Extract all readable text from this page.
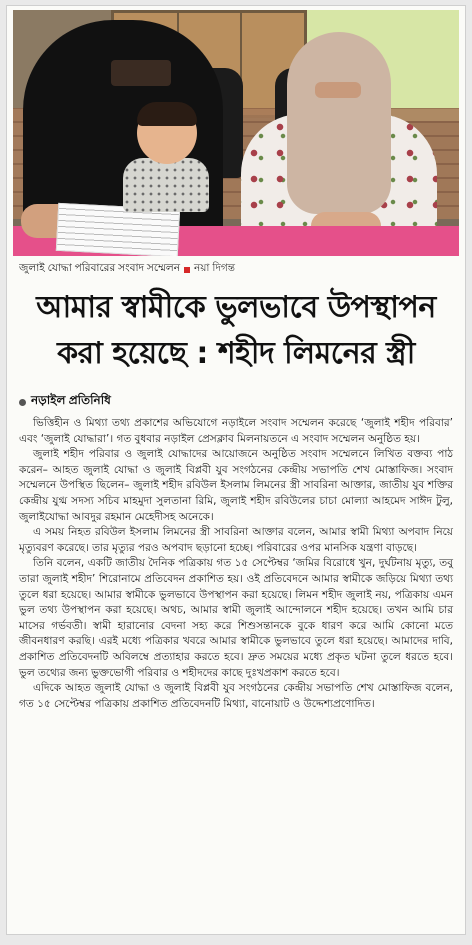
জুলাই যোদ্ধা পরিবারের সংবাদ সম্মেলন নয়া দিগন্ত
আমার স্বামীকে ভুলভাবে উপস্থাপন
করা হয়েছে : শহীদ লিমনের স্ত্রী
নড়াইল প্রতিনিধি

ভিত্তিহীন ও মিথ্যা তথ্য প্রকাশের অভিযোগে নড়াইলে সংবাদ সম্মেলন করেছে ‘জুলাই শহীদ পরিবার’ এবং ‘জুলাই যোদ্ধারা’। গত বুধবার নড়াইল প্রেসক্লাব মিলনায়তনে এ সংবাদ সম্মেলন অনুষ্ঠিত হয়।

জুলাই শহীদ পরিবার ও জুলাই যোদ্ধাদের আয়োজনে অনুষ্ঠিত সংবাদ সম্মেলনে লিখিত বক্তব্য পাঠ করেন– আহত জুলাই যোদ্ধা ও জুলাই বিপ্লবী যুব সংগঠনের কেন্দ্রীয় সভাপতি শেখ মোস্তাফিজ। সংবাদ সম্মেলনে উপস্থিত ছিলেন– জুলাই শহীদ রবিউল ইসলাম লিমনের স্ত্রী সাবরিনা আক্তার, জাতীয় যুব শক্তির কেন্দ্রীয় যুগ্ম সদস্য সচিব মাহমুদা সুলতানা রিমি, জুলাই শহীদ রবিউলের চাচা মোল্যা আহমেদ সাঈদ টুলু, জুলাইযোদ্ধা আবদুর রহমান মেহেদীসহ অনেকে।

এ সময় নিহত রবিউল ইসলাম লিমনের স্ত্রী সাবরিনা আক্তার বলেন, আমার স্বামী মিথ্যা অপবাদ নিয়ে মৃত্যুবরণ করেছে। তার মৃত্যুর পরও অপবাদ ছড়ানো হচ্ছে। পরিবারের ওপর মানসিক যন্ত্রণা বাড়ছে।

তিনি বলেন, একটি জাতীয় দৈনিক পত্রিকায় গত ১৫ সেপ্টেম্বর ‘জমির বিরোধে খুন, দুর্ঘটনায় মৃত্যু, তবু তারা জুলাই শহীদ’ শিরোনামে প্রতিবেদন প্রকাশিত হয়। ওই প্রতিবেদনে আমার স্বামীকে জড়িয়ে মিথ্যা তথ্য তুলে ধরা হয়েছে। আমার স্বামীকে ভুলভাবে উপস্থাপন করা হয়েছে। লিমন শহীদ জুলাই নয়, পত্রিকায় এমন ভুল তথ্য উপস্থাপন করা হয়েছে। অথচ, আমার স্বামী জুলাই আন্দোলনে শহীদ হয়েছে। তখন আমি চার মাসের গর্ভবতী। স্বামী হারানোর বেদনা সহ্য করে শিশুসন্তানকে বুকে ধারণ করে আমি কোনো মতে জীবনধারণ করছি। এরই মধ্যে পত্রিকার খবরে আমার স্বামীকে ভুলভাবে তুলে ধরা হয়েছে। আমাদের দাবি, প্রকাশিত প্রতিবেদনটি অবিলম্বে প্রত্যাহার করতে হবে। দ্রুত সময়ের মধ্যে প্রকৃত ঘটনা তুলে ধরতে হবে। ভুল তথ্যের জন্য ভুক্তভোগী পরিবার ও শহীদদের কাছে দুঃখপ্রকাশ করতে হবে।

এদিকে আহত জুলাই যোদ্ধা ও জুলাই বিপ্লবী যুব সংগঠনের কেন্দ্রীয় সভাপতি শেখ মোস্তাফিজ বলেন, গত ১৫ সেপ্টেম্বর পত্রিকায় প্রকাশিত প্রতিবেদনটি মিথ্যা, বানোয়াট ও উদ্দেশ্যপ্রণোদিত।
